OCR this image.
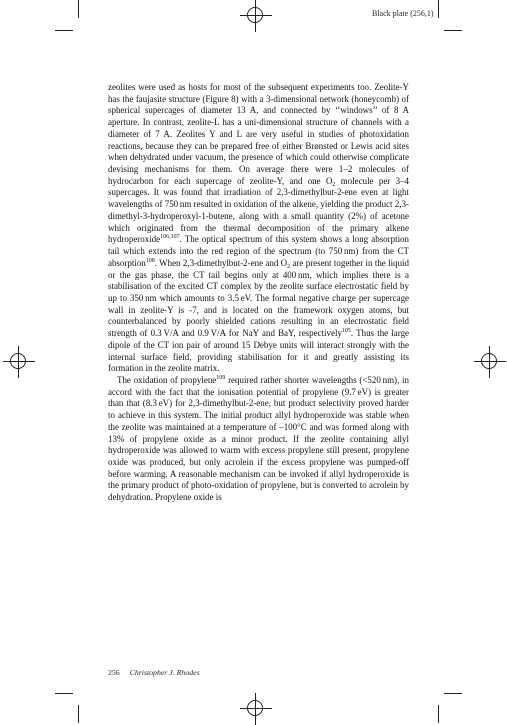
Black plate (256,1)

zeolites were used as hosts for most of the subsequent experiments too. Zeolite-Y has the faujasite structure (Figure 8) with a 3-dimensional network (honeycomb) of spherical supercages of diameter 13 A, and connected by ‘‘windows’’ of 8 A aperture. In contrast, zeolite-L has a uni-dimensional structure of channels with a diameter of 7 A. Zeolites Y and L are very useful in studies of photoxidation reactions, because they can be prepared free of either Brønsted or Lewis acid sites when dehydrated under vacuum, the presence of which could otherwise complicate devising mechanisms for them. On average there were 1–2 molecules of hydrocarbon for each supercage of zeolite-Y, and one $O_2$ molecule per 3–4 supercages. It was found that irradiation of 2,3-dimethylbut-2-ene even at light wavelengths of 750 nm resulted in oxidation of the alkene, yielding the product 2,3-dimethyl-3-hydroperoxyl-1-butene, along with a small quantity (2%) of acetone which originated from the thermal decomposition of the primary alkene hydroperoxide$^{106,107}$. The optical spectrum of this system shows a long absorption tail which extends into the red region of the spectrum (to 750 nm) from the CT absorption$^{108}$. When 2,3-dimethylbut-2-ene and $O_2$ are present together in the liquid or the gas phase, the CT tail begins only at 400 nm, which implies there is a stabilisation of the excited CT complex by the zeolite surface electrostatic field by up to 350 nm which amounts to 3.5 eV. The formal negative charge per supercage wall in zeolite-Y is -7, and is located on the framework oxygen atoms, but counterbalanced by poorly shielded cations resulting in an electrostatic field strength of 0.3 V/A and 0.9 V/A for NaY and BaY, respectively$^{105}$. Thus the large dipole of the CT ion pair of around 15 Debye units will interact strongly with the internal surface field, providing stabilisation for it and greatly assisting its formation in the zeolite matrix.

The oxidation of propylene$^{109}$ required rather shorter wavelengths (<520 nm), in accord with the fact that the ionisation potential of propylene (9.7 eV) is greater than that (8.3 eV) for 2,3-dimethylbut-2-ene, but product selectivity proved harder to achieve in this system. The initial product allyl hydroperoxide was stable when the zeolite was maintained at a temperature of –100°C and was formed along with 13% of propylene oxide as a minor product. If the zeolite containing allyl hydroperoxide was allowed to warm with excess propylene still present, propylene oxide was produced, but only acrolein if the excess propylene was pumped-off before warming. A reasonable mechanism can be invoked if allyl hydroperoxide is the primary product of photo-oxidation of propylene, but is converted to acrolein by dehydration. Propylene oxide is

256 Christopher J. Rhodes
